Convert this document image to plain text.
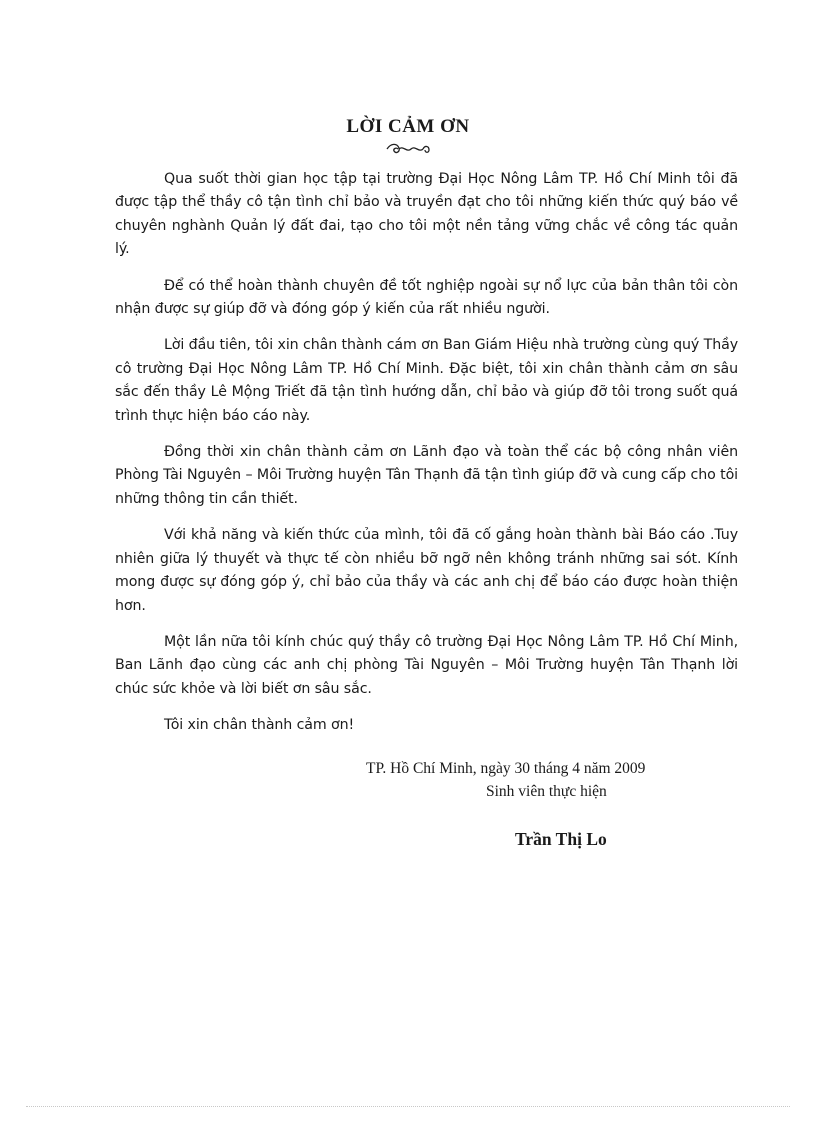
LỜI CẢM ƠN

Qua suốt thời gian học tập tại trường Đại Học Nông Lâm TP. Hồ Chí Minh tôi đã được tập thể thầy cô tận tình chỉ bảo và truyền đạt cho tôi những kiến thức quý báo về chuyên nghành Quản lý đất đai, tạo cho tôi một nền tảng vững chắc về công tác quản lý.

Để có thể hoàn thành chuyên đề tốt nghiệp ngoài sự nổ lực của bản thân tôi còn nhận được sự giúp đỡ và đóng góp ý kiến của rất nhiều người.

Lời đầu tiên, tôi xin chân thành cám ơn Ban Giám Hiệu nhà trường cùng quý Thầy cô trường Đại Học Nông Lâm TP. Hồ Chí Minh. Đặc biệt, tôi xin chân thành cảm ơn sâu sắc đến thầy Lê Mộng Triết đã tận tình hướng dẫn, chỉ bảo và giúp đỡ tôi trong suốt quá trình thực hiện báo cáo này.

Đồng thời xin chân thành cảm ơn Lãnh đạo và toàn thể các bộ công nhân viên Phòng Tài Nguyên – Môi Trường huyện Tân Thạnh đã tận tình giúp đỡ và cung cấp cho tôi những thông tin cần thiết.

Với khả năng và kiến thức của mình, tôi đã cố gắng hoàn thành bài Báo cáo .Tuy nhiên giữa lý thuyết và thực tế còn nhiều bỡ ngỡ nên không tránh những sai sót. Kính mong được sự đóng góp ý, chỉ bảo của thầy và các anh chị để báo cáo được hoàn thiện hơn.

Một lần nữa tôi kính chúc quý thầy cô trường Đại Học Nông Lâm TP. Hồ Chí Minh, Ban Lãnh đạo cùng các anh chị phòng Tài Nguyên – Môi Trường huyện Tân Thạnh lời chúc sức khỏe và lời biết ơn sâu sắc.

Tôi xin chân thành cảm ơn!

TP. Hồ Chí Minh, ngày 30 tháng 4 năm 2009
Sinh viên thực hiện
Trần Thị Lo
